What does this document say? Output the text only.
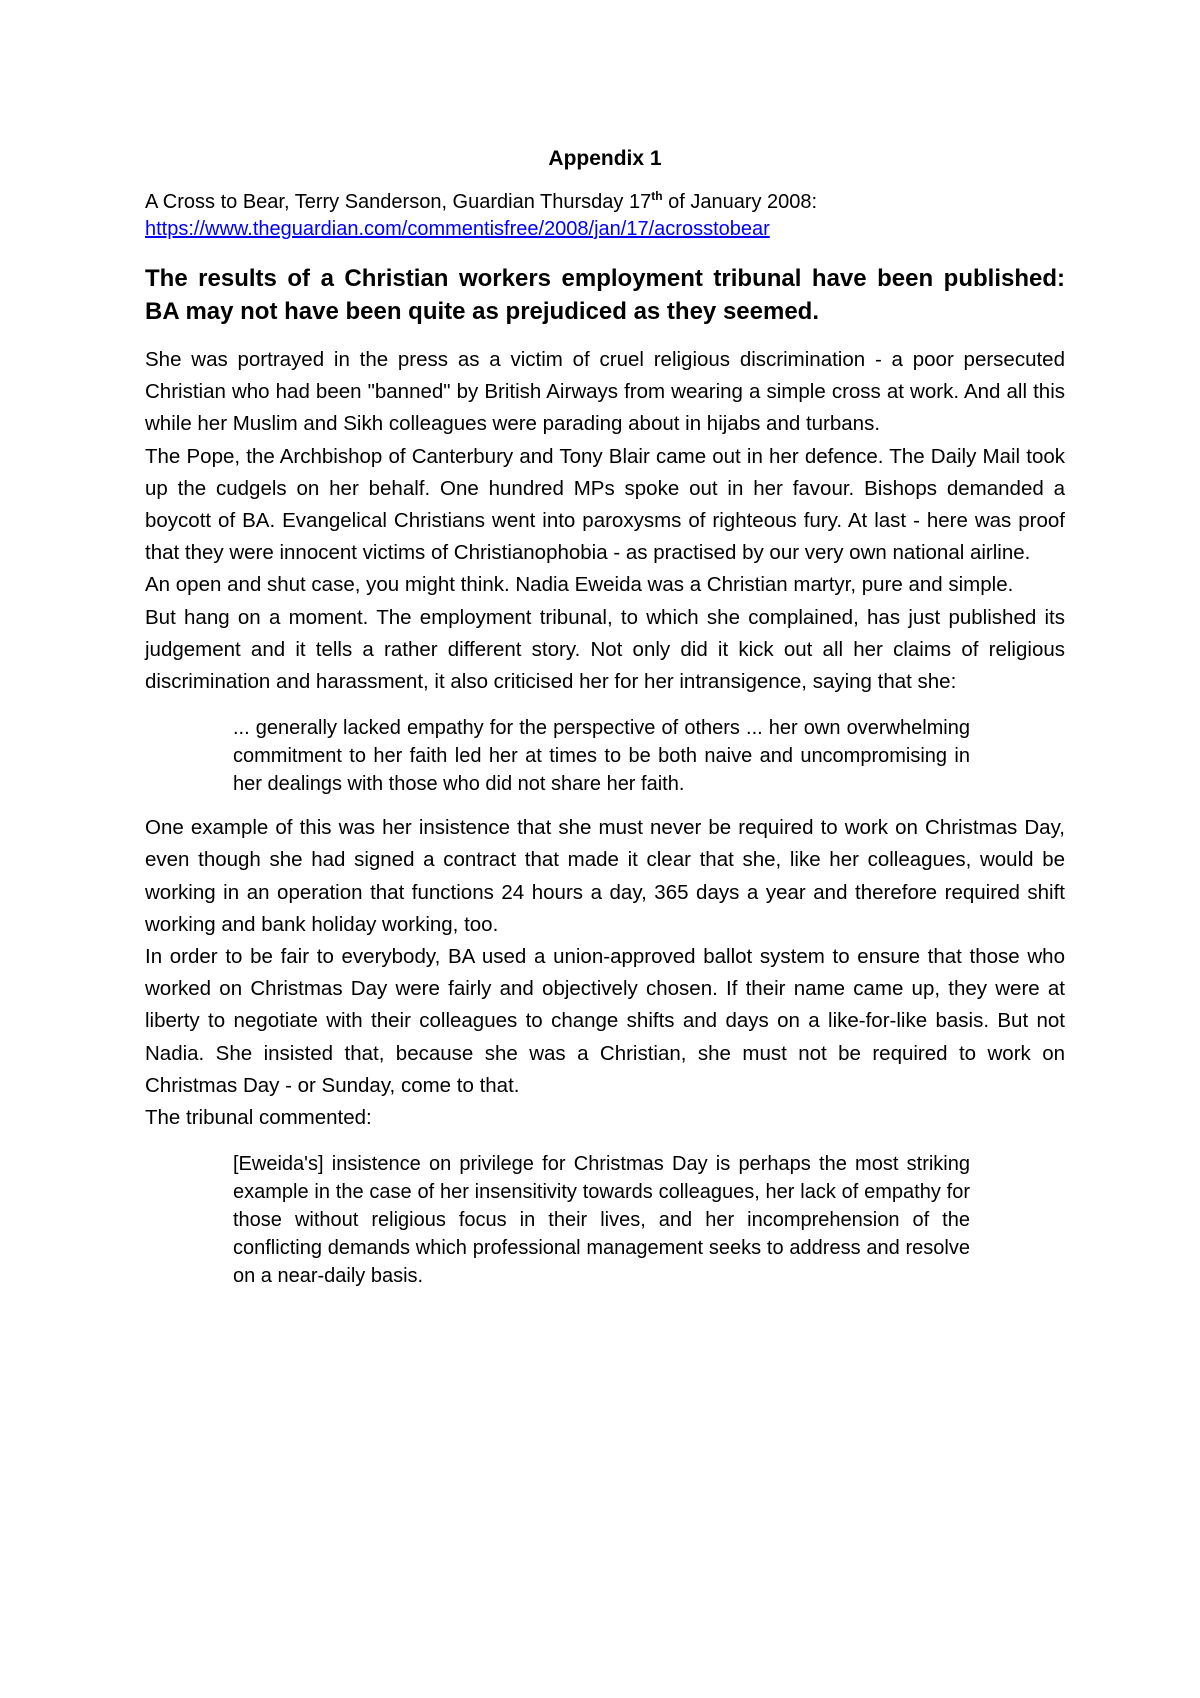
Appendix 1

A Cross to Bear, Terry Sanderson, Guardian Thursday 17th of January 2008:

https://www.theguardian.com/commentisfree/2008/jan/17/acrosstobear
The results of a Christian workers employment tribunal have been published: BA may not have been quite as prejudiced as they seemed.

She was portrayed in the press as a victim of cruel religious discrimination - a poor persecuted Christian who had been "banned" by British Airways from wearing a simple cross at work. And all this while her Muslim and Sikh colleagues were parading about in hijabs and turbans.

The Pope, the Archbishop of Canterbury and Tony Blair came out in her defence. The Daily Mail took up the cudgels on her behalf. One hundred MPs spoke out in her favour. Bishops demanded a boycott of BA. Evangelical Christians went into paroxysms of righteous fury. At last - here was proof that they were innocent victims of Christianophobia - as practised by our very own national airline.

An open and shut case, you might think. Nadia Eweida was a Christian martyr, pure and simple.

But hang on a moment. The employment tribunal, to which she complained, has just published its judgement and it tells a rather different story. Not only did it kick out all her claims of religious discrimination and harassment, it also criticised her for her intransigence, saying that she:

... generally lacked empathy for the perspective of others ... her own overwhelming commitment to her faith led her at times to be both naive and uncompromising in her dealings with those who did not share her faith.

One example of this was her insistence that she must never be required to work on Christmas Day, even though she had signed a contract that made it clear that she, like her colleagues, would be working in an operation that functions 24 hours a day, 365 days a year and therefore required shift working and bank holiday working, too.

In order to be fair to everybody, BA used a union-approved ballot system to ensure that those who worked on Christmas Day were fairly and objectively chosen. If their name came up, they were at liberty to negotiate with their colleagues to change shifts and days on a like-for-like basis. But not Nadia. She insisted that, because she was a Christian, she must not be required to work on Christmas Day - or Sunday, come to that.

The tribunal commented:

[Eweida's] insistence on privilege for Christmas Day is perhaps the most striking example in the case of her insensitivity towards colleagues, her lack of empathy for those without religious focus in their lives, and her incomprehension of the conflicting demands which professional management seeks to address and resolve on a near-daily basis.
